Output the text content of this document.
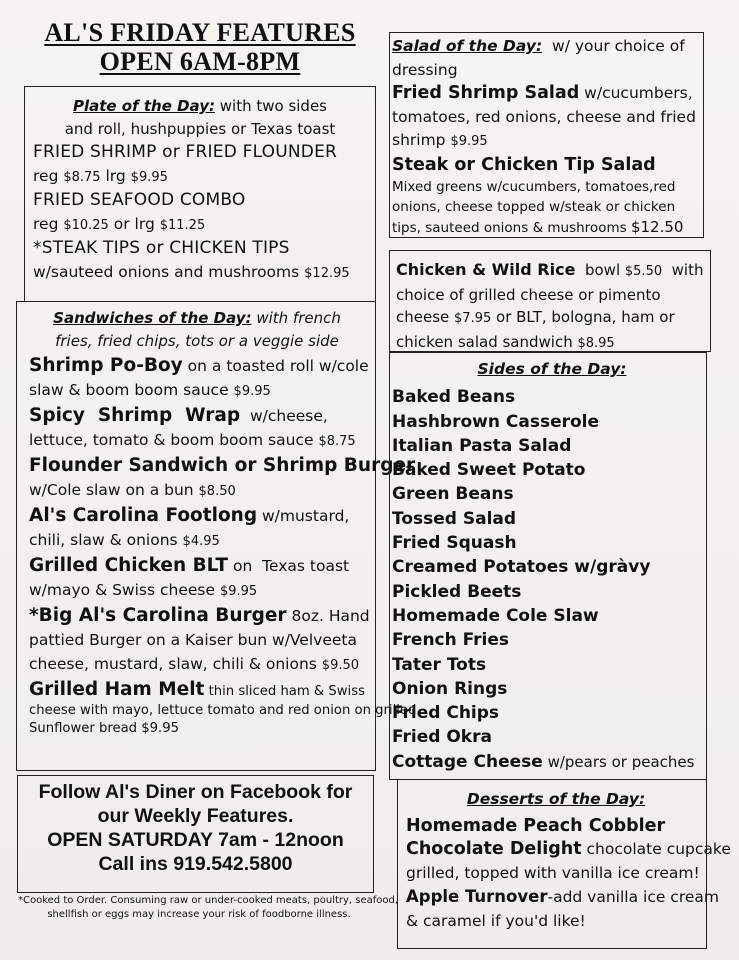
AL'S FRIDAY FEATURES
OPEN 6AM-8PM
Plate of the Day: with two sides
and roll, hushpuppies or Texas toast
FRIED SHRIMP or FRIED FLOUNDER
reg $8.75 lrg $9.95
FRIED SEAFOOD COMBO
reg $10.25 or lrg $11.25
*STEAK TIPS or CHICKEN TIPS
w/sauteed onions and mushrooms $12.95
Sandwiches of the Day: with french
fries, fried chips, tots or a veggie side
Shrimp Po-Boy on a toasted roll w/cole
slaw & boom boom sauce $9.95
Spicy  Shrimp  Wrap  w/cheese,
lettuce, tomato & boom boom sauce $8.75
Flounder Sandwich or Shrimp Burger
w/Cole slaw on a bun $8.50
Al's Carolina Footlong w/mustard,
chili, slaw & onions $4.95
Grilled Chicken BLT on  Texas toast
w/mayo & Swiss cheese $9.95
*Big Al's Carolina Burger 8oz. Hand
pattied Burger on a Kaiser bun w/Velveeta
cheese, mustard, slaw, chili & onions $9.50
Grilled Ham Melt thin sliced ham & Swiss
cheese with mayo, lettuce tomato and red onion on grilled
Sunflower bread $9.95
Follow Al's Diner on Facebook for
our Weekly Features.
OPEN SATURDAY 7am - 12noon
Call ins 919.542.5800
*Cooked to Order. Consuming raw or under-cooked meats, poultry, seafood,
shellfish or eggs may increase your risk of foodborne illness.
Salad of the Day:  w/ your choice of
dressing
Fried Shrimp Salad w/cucumbers,
tomatoes, red onions, cheese and fried
shrimp $9.95
Steak or Chicken Tip Salad
Mixed greens w/cucumbers, tomatoes,red
onions, cheese topped w/steak or chicken
tips, sauteed onions & mushrooms $12.50
Chicken & Wild Rice  bowl $5.50  with
choice of grilled cheese or pimento
cheese $7.95 or BLT, bologna, ham or
chicken salad sandwich $8.95
Sides of the Day:
Baked Beans
Hashbrown Casserole
Italian Pasta Salad
Baked Sweet Potato
Green Beans
Tossed Salad
Fried Squash
Creamed Potatoes w/gràvy
Pickled Beets
Homemade Cole Slaw
French Fries
Tater Tots
Onion Rings
Fried Chips
Fried Okra
Cottage Cheese w/pears or peaches
Desserts of the Day:
Homemade Peach Cobbler
Chocolate Delight chocolate cupcake
grilled, topped with vanilla ice cream!
Apple Turnover-add vanilla ice cream
& caramel if you'd like!
